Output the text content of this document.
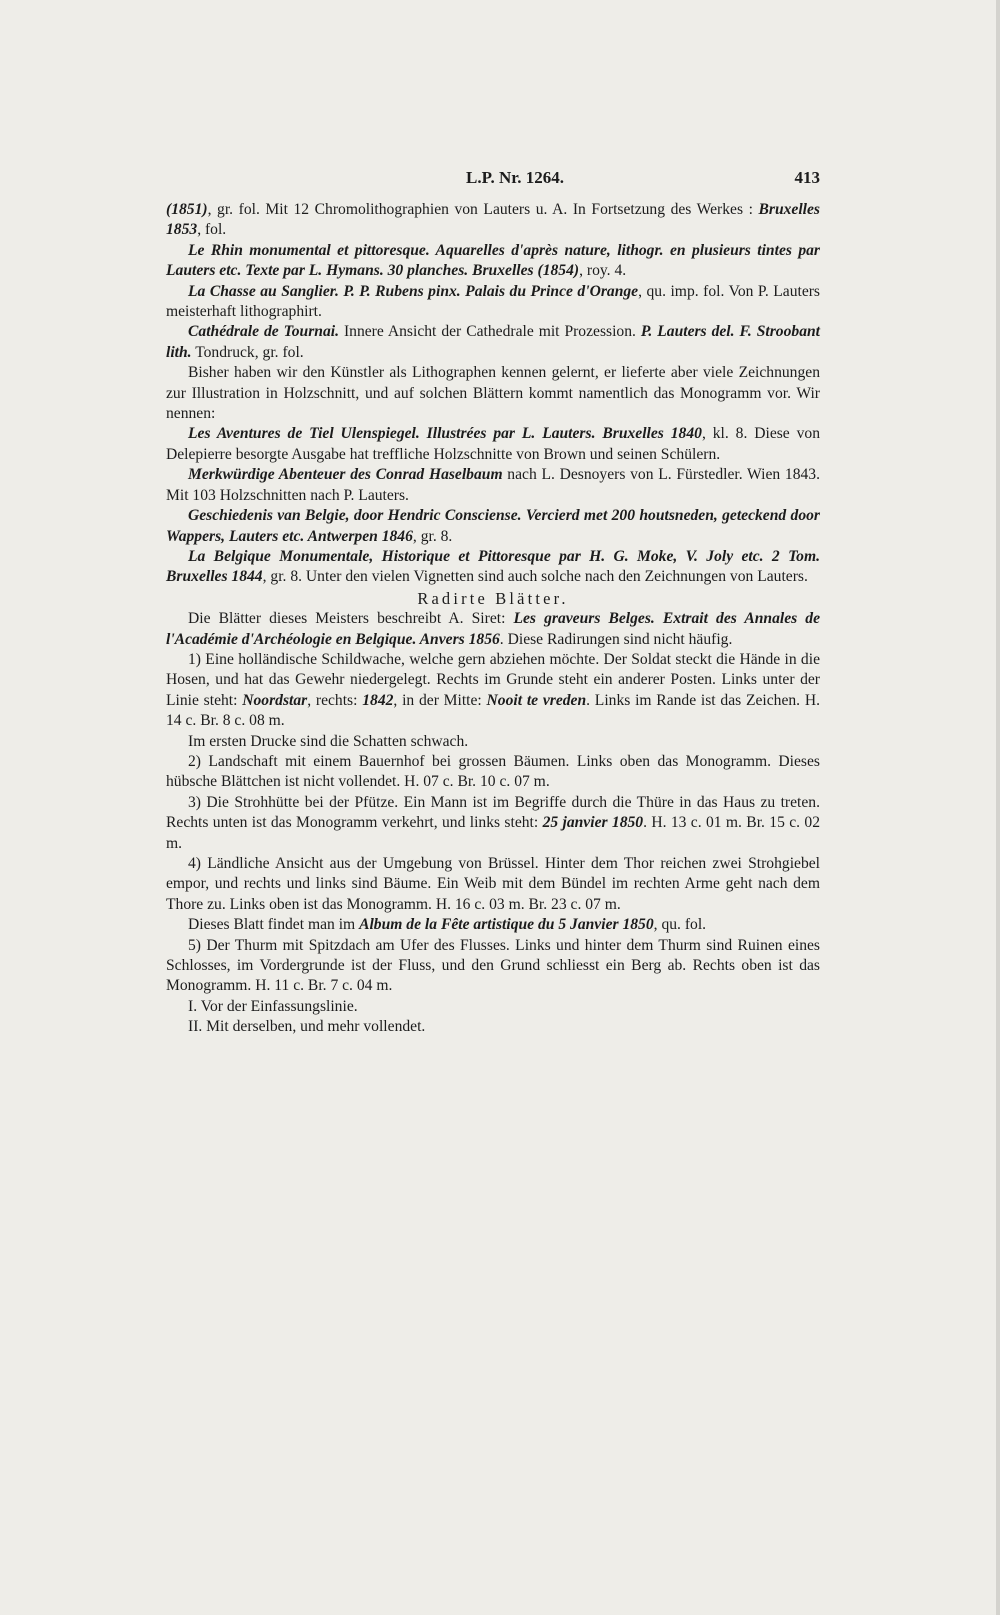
L.P. Nr. 1264.	413

(1851), gr. fol. Mit 12 Chromolithographien von Lauters u. A. In Fortsetzung des Werkes : Bruxelles 1853, fol.

Le Rhin monumental et pittoresque. Aquarelles d'après nature, lithogr. en plusieurs tintes par Lauters etc. Texte par L. Hymans. 30 planches. Bruxelles (1854), roy. 4.

La Chasse au Sanglier. P. P. Rubens pinx. Palais du Prince d'Orange, qu. imp. fol. Von P. Lauters meisterhaft lithographirt.

Cathédrale de Tournai. Innere Ansicht der Cathedrale mit Prozession. P. Lauters del. F. Stroobant lith. Tondruck, gr. fol.

Bisher haben wir den Künstler als Lithographen kennen gelernt, er lieferte aber viele Zeichnungen zur Illustration in Holzschnitt, und auf solchen Blättern kommt namentlich das Monogramm vor. Wir nennen:

Les Aventures de Tiel Ulenspiegel. Illustrées par L. Lauters. Bruxelles 1840, kl. 8. Diese von Delepierre besorgte Ausgabe hat treffliche Holzschnitte von Brown und seinen Schülern.

Merkwürdige Abenteuer des Conrad Haselbaum nach L. Desnoyers von L. Fürstedler. Wien 1843. Mit 103 Holzschnitten nach P. Lauters.

Geschiedenis van Belgie, door Hendric Consciense. Vercierd met 200 houtsneden, geteckend door Wappers, Lauters etc. Antwerpen 1846, gr. 8.

La Belgique Monumentale, Historique et Pittoresque par H. G. Moke, V. Joly etc. 2 Tom. Bruxelles 1844, gr. 8. Unter den vielen Vignetten sind auch solche nach den Zeichnungen von Lauters.

Radirte Blätter.

Die Blätter dieses Meisters beschreibt A. Siret: Les graveurs Belges. Extrait des Annales de l'Académie d'Archéologie en Belgique. Anvers 1856. Diese Radirungen sind nicht häufig.

1) Eine holländische Schildwache, welche gern abziehen möchte. Der Soldat steckt die Hände in die Hosen, und hat das Gewehr niedergelegt. Rechts im Grunde steht ein anderer Posten. Links unter der Linie steht: Noordstar, rechts: 1842, in der Mitte: Nooit te vreden. Links im Rande ist das Zeichen. H. 14 c. Br. 8 c. 08 m.

Im ersten Drucke sind die Schatten schwach.

2) Landschaft mit einem Bauernhof bei grossen Bäumen. Links oben das Monogramm. Dieses hübsche Blättchen ist nicht vollendet. H. 07 c. Br. 10 c. 07 m.

3) Die Strohhütte bei der Pfütze. Ein Mann ist im Begriffe durch die Thüre in das Haus zu treten. Rechts unten ist das Monogramm verkehrt, und links steht: 25 janvier 1850. H. 13 c. 01 m. Br. 15 c. 02 m.

4) Ländliche Ansicht aus der Umgebung von Brüssel. Hinter dem Thor reichen zwei Strohgiebel empor, und rechts und links sind Bäume. Ein Weib mit dem Bündel im rechten Arme geht nach dem Thore zu. Links oben ist das Monogramm. H. 16 c. 03 m. Br. 23 c. 07 m.

Dieses Blatt findet man im Album de la Fête artistique du 5 Janvier 1850, qu. fol.

5) Der Thurm mit Spitzdach am Ufer des Flusses. Links und hinter dem Thurm sind Ruinen eines Schlosses, im Vordergrunde ist der Fluss, und den Grund schliesst ein Berg ab. Rechts oben ist das Monogramm. H. 11 c. Br. 7 c. 04 m.

I. Vor der Einfassungslinie.

II. Mit derselben, und mehr vollendet.
